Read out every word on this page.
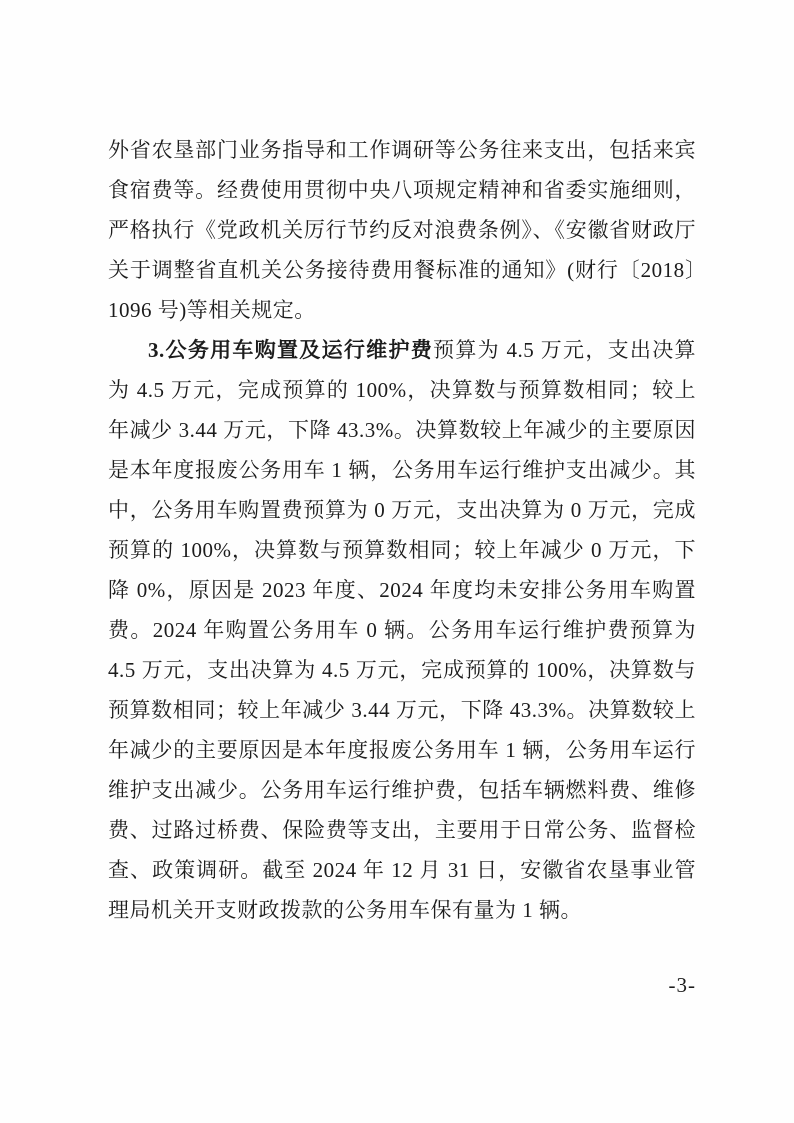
外省农垦部门业务指导和工作调研等公务往来支出，包括来宾食宿费等。经费使用贯彻中央八项规定精神和省委实施细则，严格执行《党政机关厉行节约反对浪费条例》、《安徽省财政厅关于调整省直机关公务接待费用餐标准的通知》(财行〔2018〕1096 号)等相关规定。

3.公务用车购置及运行维护费预算为 4.5 万元，支出决算为 4.5 万元，完成预算的 100%，决算数与预算数相同；较上年减少 3.44 万元，下降 43.3%。决算数较上年减少的主要原因是本年度报废公务用车 1 辆，公务用车运行维护支出减少。其中，公务用车购置费预算为 0 万元，支出决算为 0 万元，完成预算的 100%，决算数与预算数相同；较上年减少 0 万元，下降 0%，原因是 2023 年度、2024 年度均未安排公务用车购置费。2024 年购置公务用车 0 辆。公务用车运行维护费预算为 4.5 万元，支出决算为 4.5 万元，完成预算的 100%，决算数与预算数相同；较上年减少 3.44 万元，下降 43.3%。决算数较上年减少的主要原因是本年度报废公务用车 1 辆，公务用车运行维护支出减少。公务用车运行维护费，包括车辆燃料费、维修费、过路过桥费、保险费等支出，主要用于日常公务、监督检查、政策调研。截至 2024 年 12 月 31 日，安徽省农垦事业管理局机关开支财政拨款的公务用车保有量为 1 辆。

-3-
